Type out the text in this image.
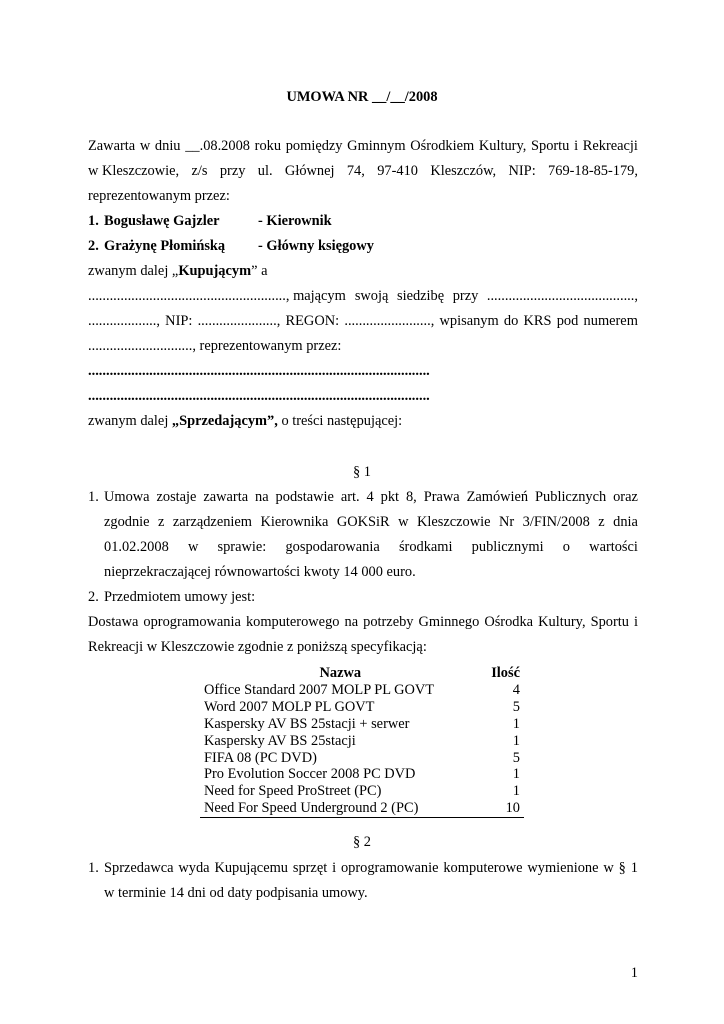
UMOWA NR __/__/2008
Zawarta w dniu __.08.2008 roku pomiędzy Gminnym Ośrodkiem Kultury, Sportu i Rekreacji
w Kleszczowie, z/s przy ul. Głównej 74, 97-410 Kleszczów, NIP: 769-18-85-179,
reprezentowanym przez:
1. Bogusławę Gajzler	- Kierownik
2. Grażynę Płomińską - Główny księgowy
zwanym dalej „Kupującym” a
......................................................., mającym swoją siedzibę przy .........................................,
..................., NIP: ......................, REGON: ........................, wpisanym do KRS pod numerem
............................., reprezentowanym przez:
...............................................................................................
...............................................................................................
zwanym dalej „Sprzedającym”, o treści następującej:
§ 1
1. Umowa zostaje zawarta na podstawie art. 4 pkt 8, Prawa Zamówień Publicznych oraz
zgodnie z zarządzeniem Kierownika GOKSiR w Kleszczowie Nr 3/FIN/2008 z dnia
01.02.2008 w sprawie: gospodarowania środkami publicznymi o wartości
nieprzekraczającej równowartości kwoty 14 000 euro.
2. Przedmiotem umowy jest:
Dostawa oprogramowania komputerowego na potrzeby Gminnego Ośrodka Kultury, Sportu i
Rekreacji w Kleszczowie zgodnie z poniższą specyfikacją:
Nazwa	Ilość
Office Standard 2007 MOLP PL GOVT	4
Word 2007 MOLP PL GOVT	5
Kaspersky AV BS 25stacji + serwer	1
Kaspersky AV BS 25stacji	1
FIFA 08 (PC DVD)	5
Pro Evolution Soccer 2008 PC DVD	1
Need for Speed ProStreet (PC)	1
Need For Speed Underground 2 (PC)	10
§ 2
1. Sprzedawca wyda Kupującemu sprzęt i oprogramowanie komputerowe wymienione w § 1
w terminie 14 dni od daty podpisania umowy.
1
